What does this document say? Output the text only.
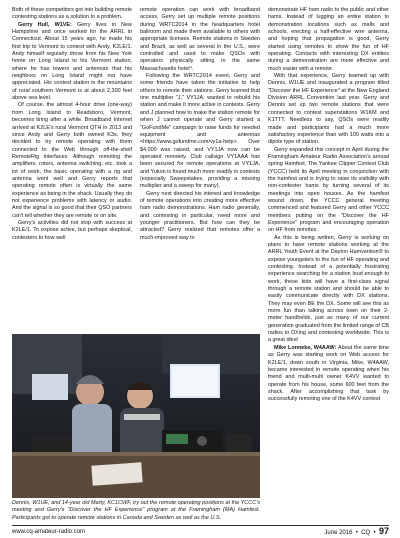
Both of these competitors got into building remote contesting stations as a solution to a problem.

Gerry Hull, W1VE: Gerry lives in New Hampshire and once worked for the ARRL in Connecticut. About 15 years ago, he made his first trip to Vermont to contest with Andy, K2LE/1. Andy himself regularly drove from his New York home on Long Island to his Vermont station, where he has towers and antennas that his neighbors on Long Island might not have appreciated. His contest station in the mountains of rural southern Vermont is at about 2,300 feet above sea level.

Of course, the almost 4-hour drive (one-way) from Long Island to Readsboro, Vermont, becomes tiring after a while. Broadband Internet arrived at K2LE's rural Vermont QTH in 2013 and since Andy and Gerry both owned K3s, they decided to try remote operating with them connected to the Web through off-the-shelf RemoteRig interfaces. Although remoting the amplifiers, rotors, antenna switching, etc. took a lot of work, the basic operating with a rig and antenna went well and Gerry reports that operating remote often is virtually the same experience as being in the shack. Usually they do not experience problems with latency or audio. And the signal is so good that their QSO partners can't tell whether they are remote or on site.

Gerry's activities did not stop with success at K2LE/1. To expose active, but perhaps skeptical, contesters to how well

remote operation can work with broadband access, Gerry set up multiple remote positions during WRTC2014 in the headquarters hotel ballroom and made them available to others with appropriate licenses. Remote stations in Sweden and Brazil, as well as several in the U.S., were controlled and used to make QSOs with operators physically sitting in the same Massachusetts hotel⁴.

Following the WRTC2014 event, Gerry and some friends have taken the initiative to help others to remote their stations. Gerry learned that one multiplier "J," VY1JA, wanted to rebuild his station and make it more active in contests. Gerry and J planned how to make the station remote for when J cannot operate and Gerry started a "GoFundMe" campaign to raise funds for needed equipment and antennas <https://www.gofundme.com/vy1a-help>. Over $4,000 was raised, and VY1JA now can be operated remotely. Club callsign VY1AAA has been secured for remote operations at VY1JA, and Yukon is found much more readily in contests (especially Sweepstakes, providing a missing multiplier and a sweep for many).

Gerry next directed his interest and knowledge of remote operations into creating more effective ham radio demonstrations. Ham radio generally, and contesting in particular, need more and younger practitioners. But how can they be attracted? Gerry realized that remotes offer a much-improved way to

demonstrate HF ham radio to the public and other hams. Instead of lugging an entire station to demonstration locations such as malls and schools, erecting a half-effective wire antenna, and hoping that propagation is good, Gerry started using remotes to show the fun of HF operating. Contacts with interesting DX entities during a demonstration are more effective and much easier with a remote.

With that experience, Gerry teamed up with Dennis, W1UE and inaugurated a program titled "Discover the HF Experience" at the New England Division ARRL Convention last year. Gerry and Dennis set up two remote stations that were connected to contest superstations W1KM and K1TTT. Needless to say, QSOs were readily made and participants had a much more satisfactory experience than with 100 watts into a dipole type of station.

Gerry expanded this concept in April during the Framingham Amateur Radio Association's annual spring Hamfest. The Yankee Clipper Contest Club (YCCC) held its April meeting in conjunction with the hamfest and is trying to raise its visibility with non-contester hams by turning several of its meetings into open houses. As the hamfest wound down, the YCCC general meeting commenced and featured Gerry and other YCCC members putting on the "Discover the HF Experience" program and encouraging operation on HF from remotes.

As this is being written, Gerry is working on plans to have remote stations working at the ARRL Youth Event at the Dayton Hamvention® to expose youngsters to the fun of HF operating and contesting. Instead of a potentially frustrating experience searching for a station loud enough to work, these kids will have a first-class signal through a remote station and should be able to easily communicate directly with DX stations. They may even BE the DX. Some will see this as more fun than talking across town on their 2-meter handhelds, just as many of our current generation graduated from the limited range of CB radios to DXing and contesting worldwide. This is a great idea!

Mike Lonneke, W4AAW: About the same time as Gerry was starting work on Web access for K2LE/1, down south in Virginia, Mike, W4AAW, became interested in remote operating when his friend and multi-multi owner K4VV wanted to operate from his house, some 600 feet from the shack. After accomplishing that task by successfully remoting one of the K4VV contest

Dennis, W1UE, and 14-year old Marty, KC1CWF, try out the remote operating positions at the YCCC's meeting and Gerry's "Discover the HF Experience" program at the Framingham (MA) Hamfest. Participants got to operate remote stations in Canada and Sweden as well as the U.S.
www.cq-amateur-radio.com	June 2016  •  CQ  •  97
